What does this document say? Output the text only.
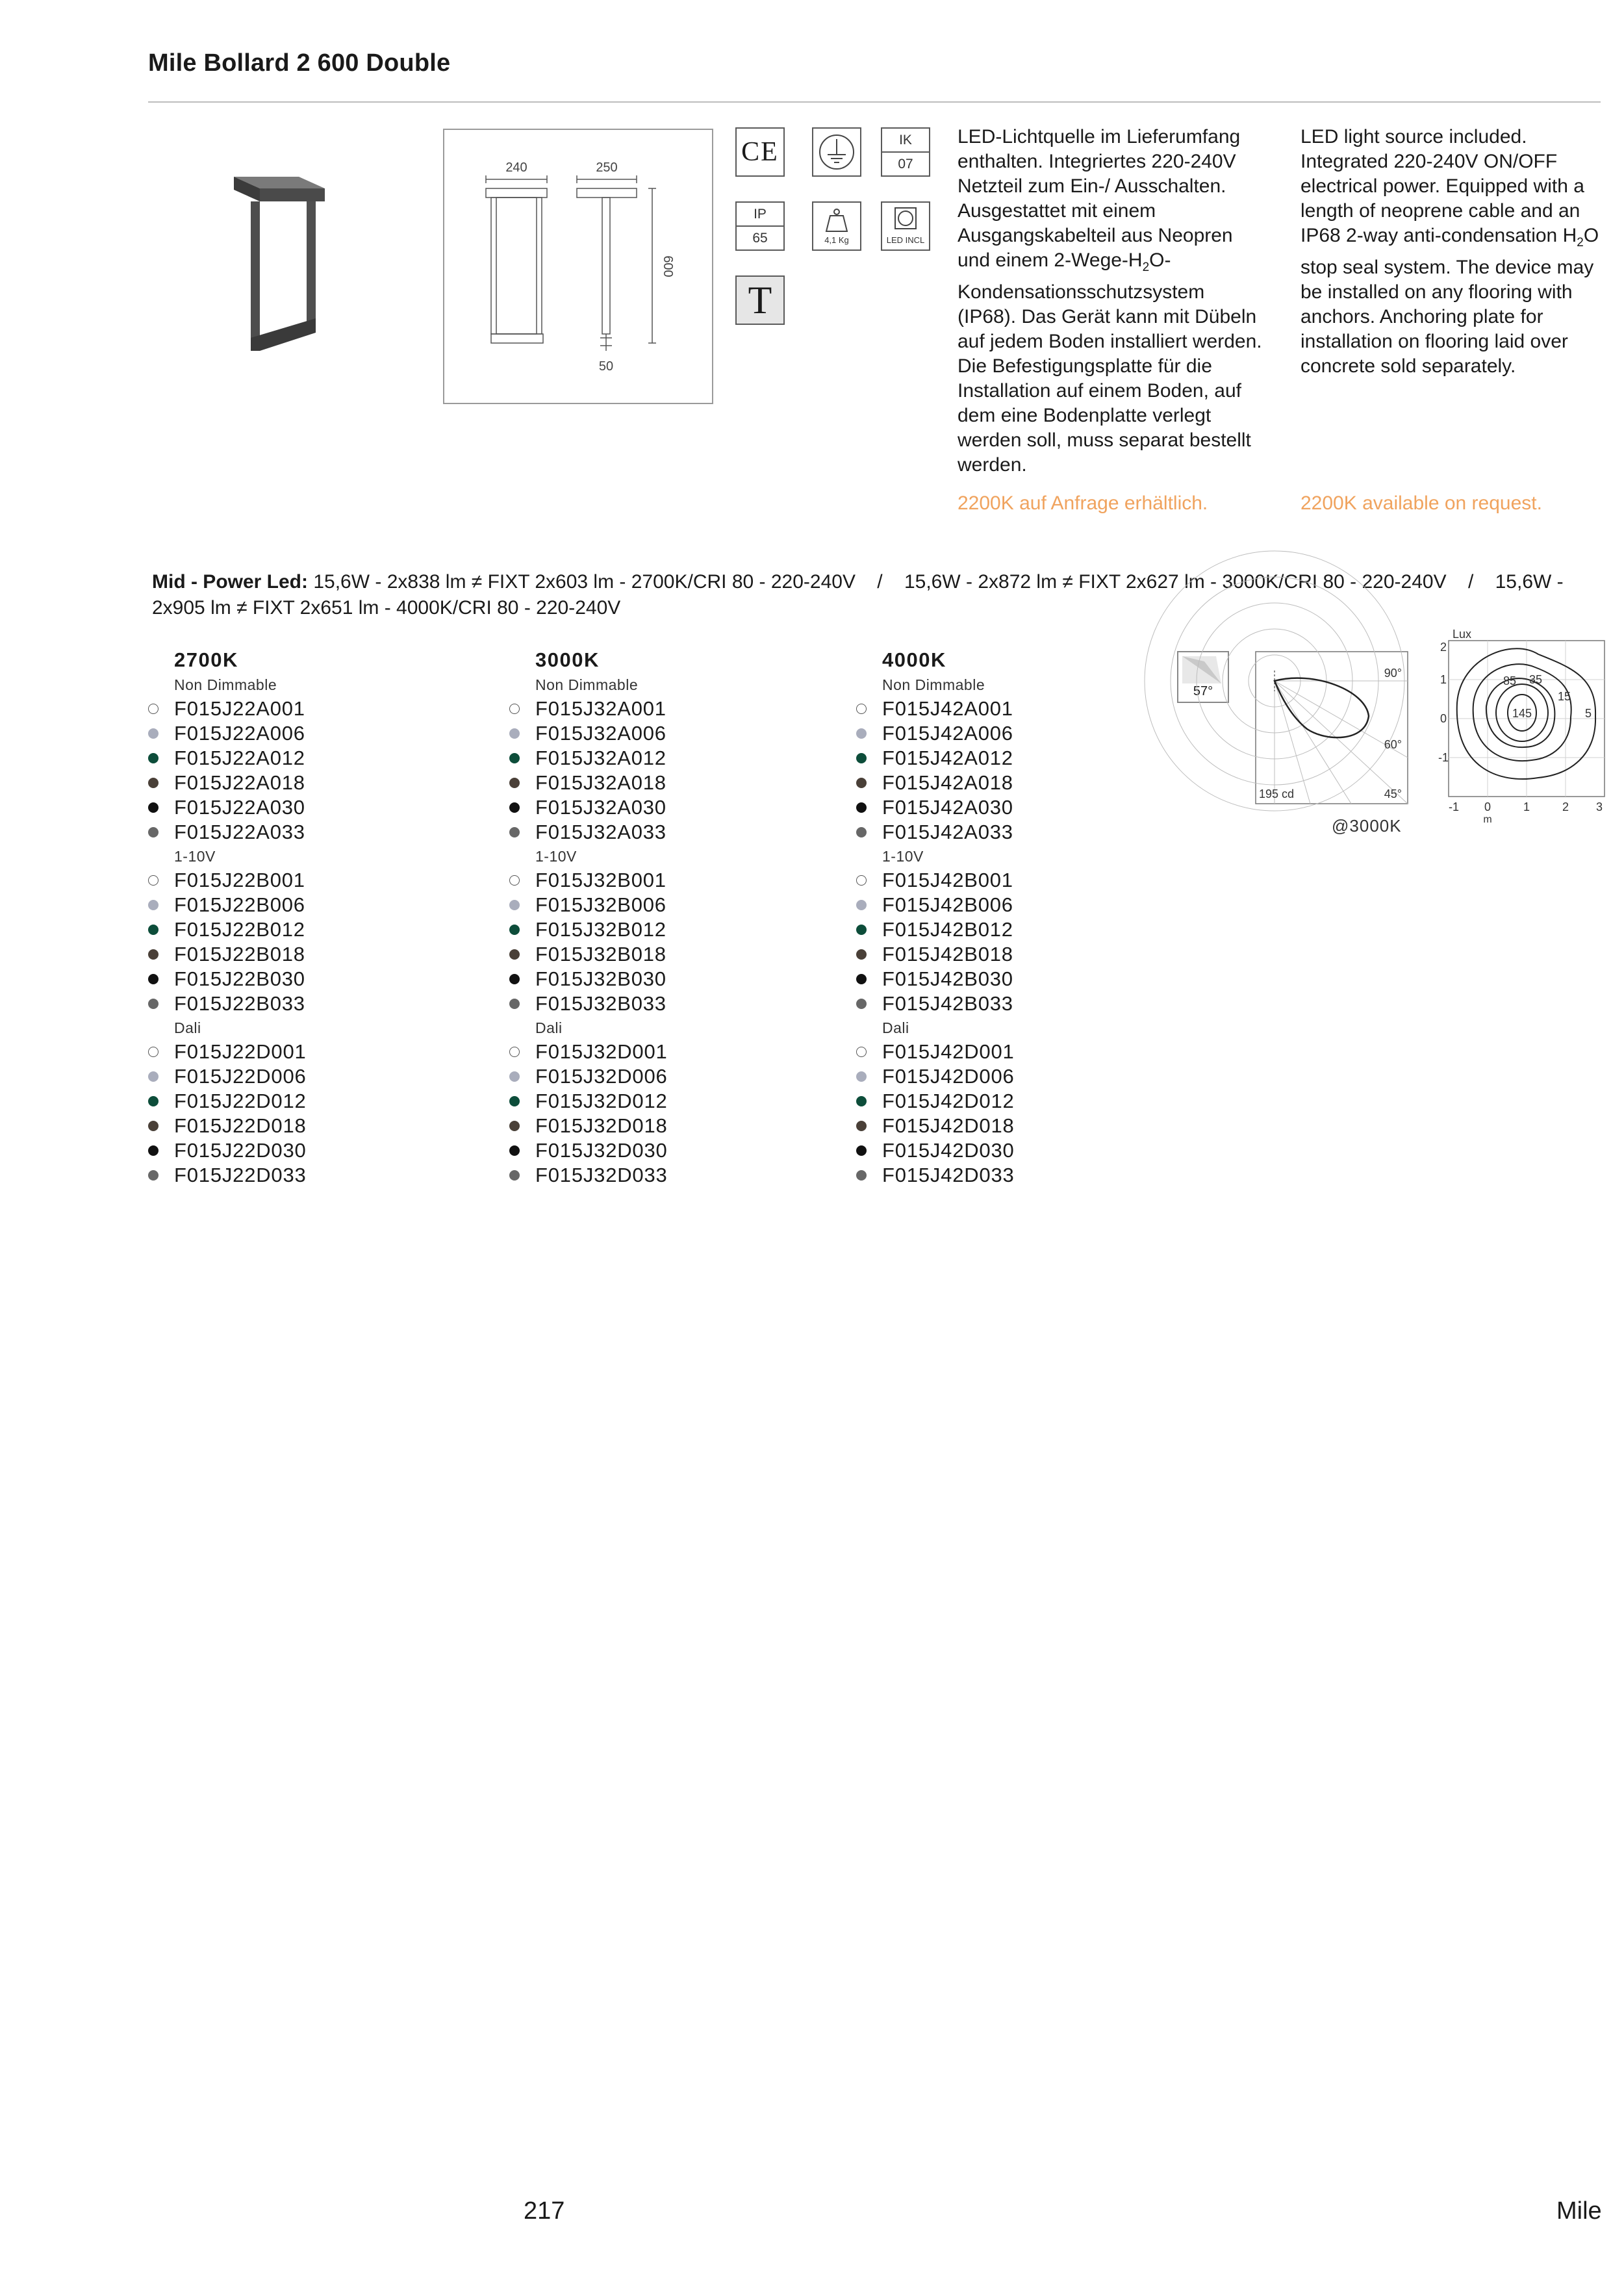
Mile Bollard 2 600 Double
240	250
600
50
CE	IK
07
IP
65	4,1 Kg	LED INCL
T

LED-Lichtquelle im Lieferumfang enthalten. Integriertes 220-240V Netzteil zum Ein-/ Ausschalten. Ausgestattet mit einem Ausgangskabelteil aus Neopren und einem $2-Wege-H_2O$-Kondensationsschutzsystem (IP68). Das Gerät kann mit Dübeln auf jedem Boden installiert werden. Die Befestigungsplatte für die Installation auf einem Boden, auf dem eine Bodenplatte verlegt werden soll, muss separat bestellt werden.

LED light source included. Integrated 220-240V ON/OFF electrical power. Equipped with a length of neoprene cable and an IP68 2-way anti-condensation $H_2O$ stop seal system. The device may be installed on any flooring with anchors. Anchoring plate for installation on flooring laid over concrete sold separately.

2200K auf Anfrage erhältlich.	2200K available on request.
Mid - Power Led: 15,6W - 2x838 lm ≠ FIXT 2x603 lm - 2700K/CRI 80 - 220-240V    /    15,6W - 2x872 lm ≠ FIXT 2x627 lm - 3000K/CRI 80 - 220-240V    /    15,6W - 2x905 lm ≠ FIXT 2x651 lm - 4000K/CRI 80 - 220-240V
2700K
Non Dimmable
F015J22A001
F015J22A006
F015J22A012
F015J22A018
F015J22A030
F015J22A033
1-10V
F015J22B001
F015J22B006
F015J22B012
F015J22B018
F015J22B030
F015J22B033
Dali
F015J22D001
F015J22D006
F015J22D012
F015J22D018
F015J22D030
F015J22D033
3000K
Non Dimmable
F015J32A001
F015J32A006
F015J32A012
F015J32A018
F015J32A030
F015J32A033
1-10V
F015J32B001
F015J32B006
F015J32B012
F015J32B018
F015J32B030
F015J32B033
Dali
F015J32D001
F015J32D006
F015J32D012
F015J32D018
F015J32D030
F015J32D033
4000K
Non Dimmable
F015J42A001
F015J42A006
F015J42A012
F015J42A018
F015J42A030
F015J42A033
1-10V
F015J42B001
F015J42B006
F015J42B012
F015J42B018
F015J42B030
F015J42B033
Dali
F015J42D001
F015J42D006
F015J42D012
F015J42D018
F015J42D030
F015J42D033
57°
90°
60°
45°
195 cd
@3000K
Lux
2
1
0
-1
-1 0	1	2 3
m
85 35
15
5
145
217	Mile
